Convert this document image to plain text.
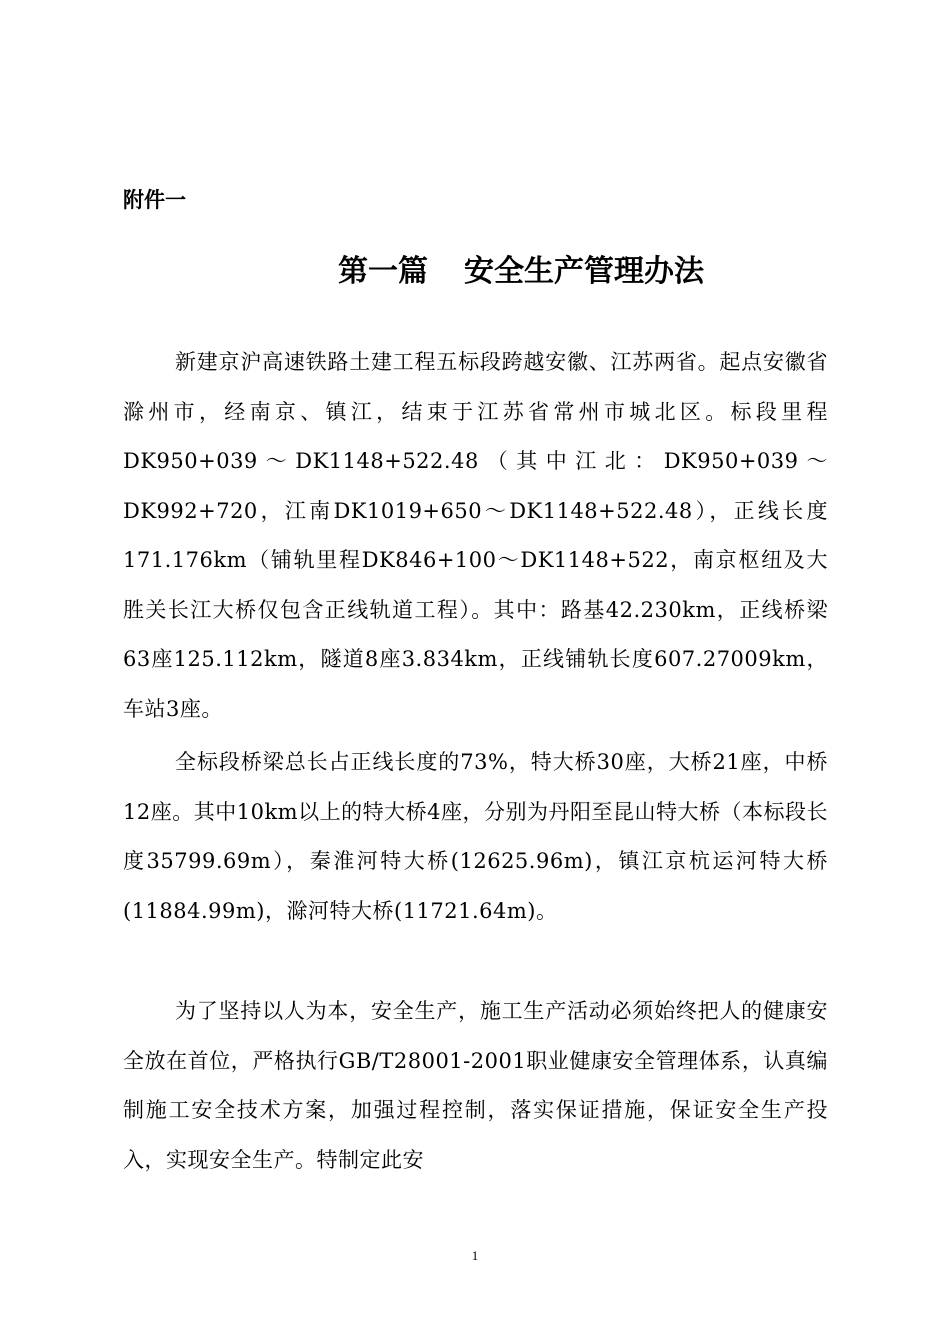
附件一
第一篇 安全生产管理办法

新建京沪高速铁路土建工程五标段跨越安徽、江苏两省。起点安徽省滁州市，经南京、镇江，结束于江苏省常州市城北区。标段里程DK950+039～DK1148+522.48（其中江北：DK950+039～DK992+720，江南DK1019+650～DK1148+522.48），正线长度171.176km（铺轨里程DK846+100～DK1148+522，南京枢纽及大胜关长江大桥仅包含正线轨道工程）。其中：路基42.230km，正线桥梁63座125.112km，隧道8座3.834km，正线铺轨长度607.27009km，车站3座。

全标段桥梁总长占正线长度的73%，特大桥30座，大桥21座，中桥12座。其中10km以上的特大桥4座，分别为丹阳至昆山特大桥（本标段长度35799.69m），秦淮河特大桥(12625.96m)，镇江京杭运河特大桥(11884.99m)，滁河特大桥(11721.64m)。

为了坚持以人为本，安全生产，施工生产活动必须始终把人的健康安全放在首位，严格执行GB/T28001-2001职业健康安全管理体系，认真编制施工安全技术方案，加强过程控制，落实保证措施，保证安全生产投入，实现安全生产。特制定此安

1
